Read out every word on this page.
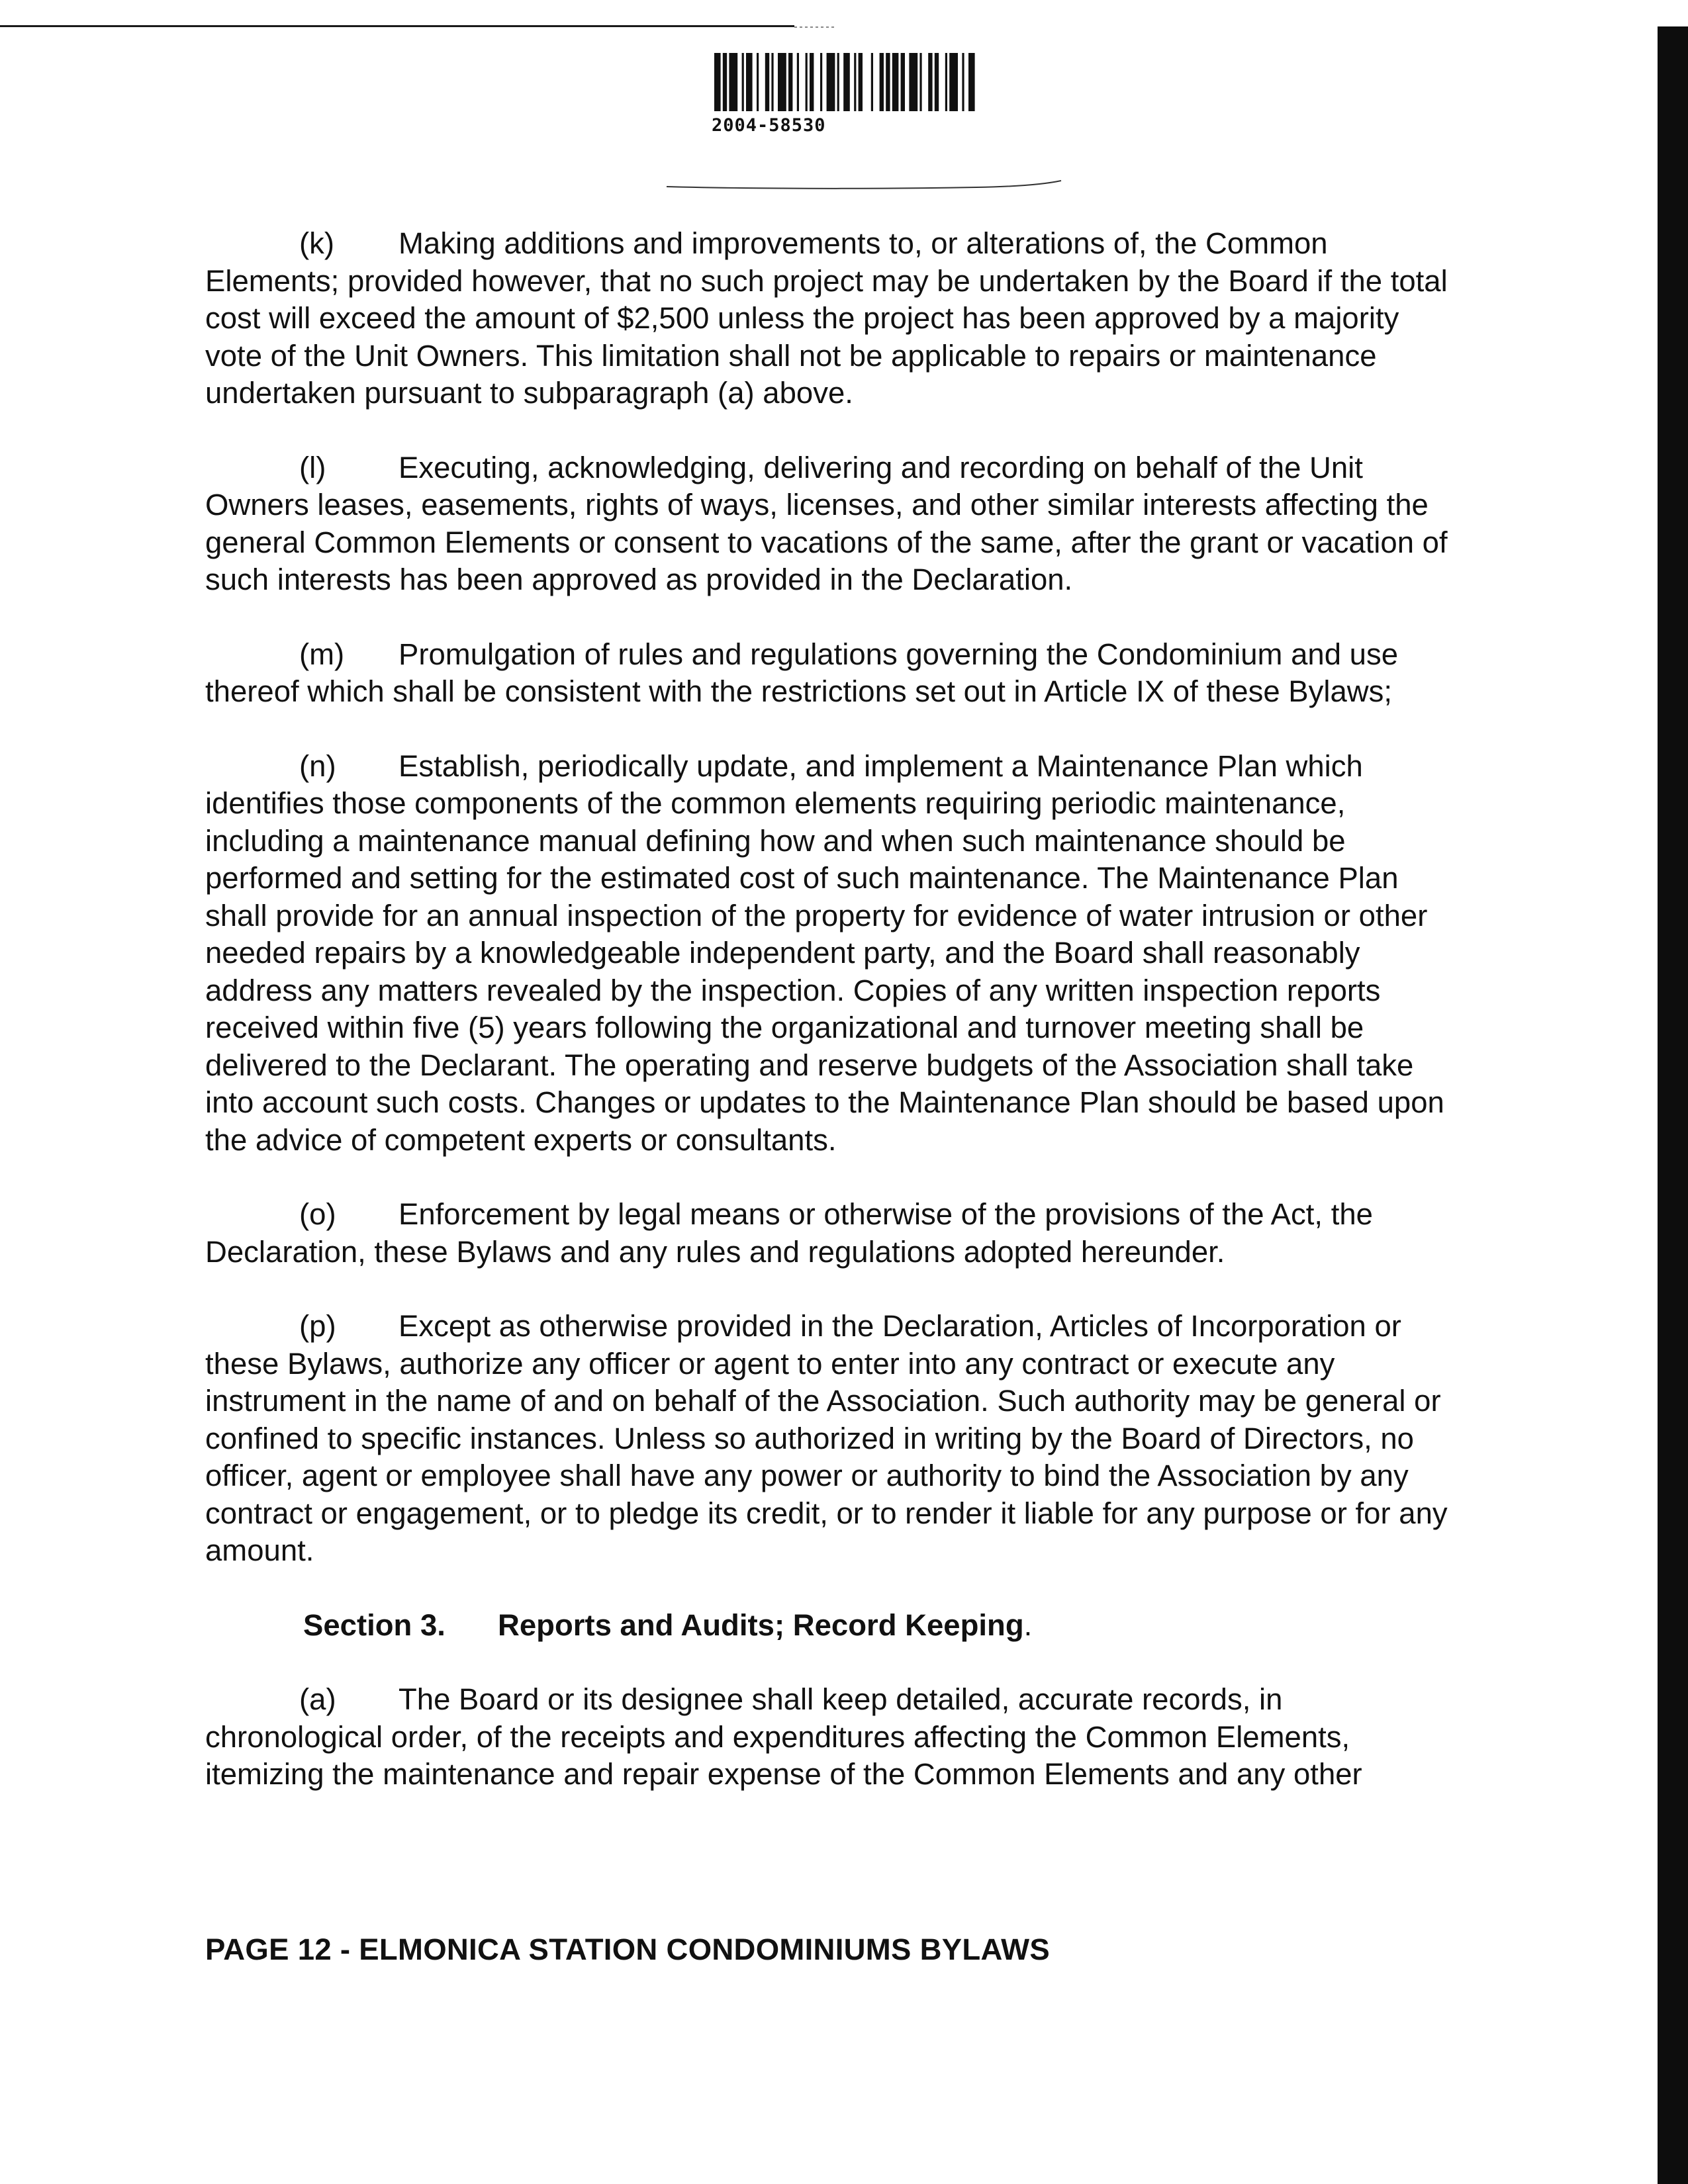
2004-58530

(k) Making additions and improvements to, or alterations of, the Common Elements; provided however, that no such project may be undertaken by the Board if the total cost will exceed the amount of $2,500 unless the project has been approved by a majority vote of the Unit Owners. This limitation shall not be applicable to repairs or maintenance undertaken pursuant to subparagraph (a) above.

(l) Executing, acknowledging, delivering and recording on behalf of the Unit Owners leases, easements, rights of ways, licenses, and other similar interests affecting the general Common Elements or consent to vacations of the same, after the grant or vacation of such interests has been approved as provided in the Declaration.

(m) Promulgation of rules and regulations governing the Condominium and use thereof which shall be consistent with the restrictions set out in Article IX of these Bylaws;

(n) Establish, periodically update, and implement a Maintenance Plan which identifies those components of the common elements requiring periodic maintenance, including a maintenance manual defining how and when such maintenance should be performed and setting for the estimated cost of such maintenance. The Maintenance Plan shall provide for an annual inspection of the property for evidence of water intrusion or other needed repairs by a knowledgeable independent party, and the Board shall reasonably address any matters revealed by the inspection. Copies of any written inspection reports received within five (5) years following the organizational and turnover meeting shall be delivered to the Declarant. The operating and reserve budgets of the Association shall take into account such costs. Changes or updates to the Maintenance Plan should be based upon the advice of competent experts or consultants.

(o) Enforcement by legal means or otherwise of the provisions of the Act, the Declaration, these Bylaws and any rules and regulations adopted hereunder.

(p) Except as otherwise provided in the Declaration, Articles of Incorporation or these Bylaws, authorize any officer or agent to enter into any contract or execute any instrument in the name of and on behalf of the Association. Such authority may be general or confined to specific instances. Unless so authorized in writing by the Board of Directors, no officer, agent or employee shall have any power or authority to bind the Association by any contract or engagement, or to pledge its credit, or to render it liable for any purpose or for any amount.

Section 3. Reports and Audits; Record Keeping.

(a) The Board or its designee shall keep detailed, accurate records, in chronological order, of the receipts and expenditures affecting the Common Elements, itemizing the maintenance and repair expense of the Common Elements and any other

PAGE 12 - ELMONICA STATION CONDOMINIUMS BYLAWS
